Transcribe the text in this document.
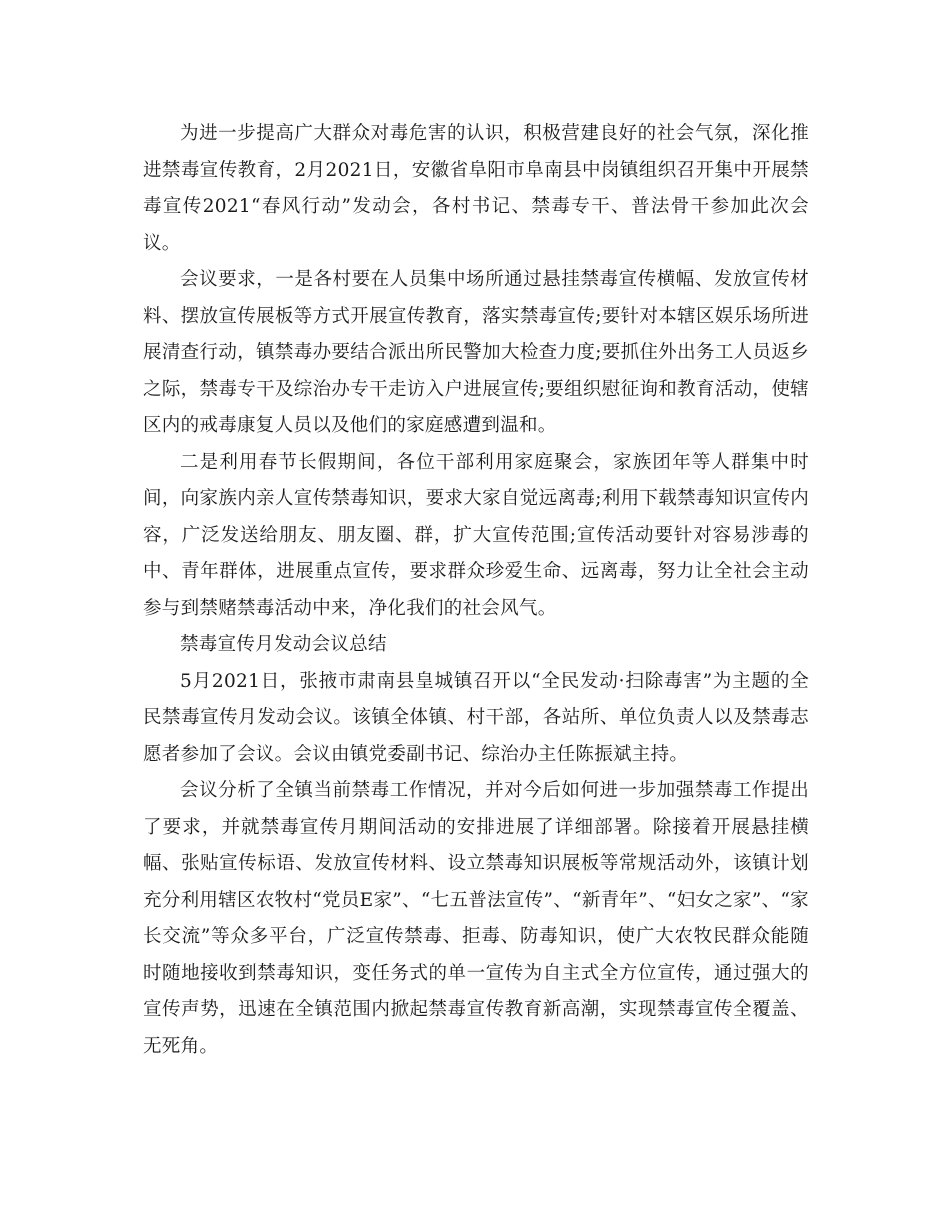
为进一步提高广大群众对毒危害的认识，积极营建良好的社会气氛，深化推进禁毒宣传教育，2月2021日，安徽省阜阳市阜南县中岗镇组织召开集中开展禁毒宣传2021“春风行动”发动会，各村书记、禁毒专干、普法骨干参加此次会议。

会议要求，一是各村要在人员集中场所通过悬挂禁毒宣传横幅、发放宣传材料、摆放宣传展板等方式开展宣传教育，落实禁毒宣传;要针对本辖区娱乐场所进展清查行动，镇禁毒办要结合派出所民警加大检查力度;要抓住外出务工人员返乡之际，禁毒专干及综治办专干走访入户进展宣传;要组织慰征询和教育活动，使辖区内的戒毒康复人员以及他们的家庭感遭到温和。

二是利用春节长假期间，各位干部利用家庭聚会，家族团年等人群集中时间，向家族内亲人宣传禁毒知识，要求大家自觉远离毒;利用下载禁毒知识宣传内容，广泛发送给朋友、朋友圈、群，扩大宣传范围;宣传活动要针对容易涉毒的中、青年群体，进展重点宣传，要求群众珍爱生命、远离毒，努力让全社会主动参与到禁赌禁毒活动中来，净化我们的社会风气。

禁毒宣传月发动会议总结

5月2021日，张掖市肃南县皇城镇召开以“全民发动·扫除毒害”为主题的全民禁毒宣传月发动会议。该镇全体镇、村干部，各站所、单位负责人以及禁毒志愿者参加了会议。会议由镇党委副书记、综治办主任陈振斌主持。

会议分析了全镇当前禁毒工作情况，并对今后如何进一步加强禁毒工作提出了要求，并就禁毒宣传月期间活动的安排进展了详细部署。除接着开展悬挂横幅、张贴宣传标语、发放宣传材料、设立禁毒知识展板等常规活动外，该镇计划充分利用辖区农牧村“党员E家”、“七五普法宣传”、“新青年”、“妇女之家”、“家长交流”等众多平台，广泛宣传禁毒、拒毒、防毒知识，使广大农牧民群众能随时随地接收到禁毒知识，变任务式的单一宣传为自主式全方位宣传，通过强大的宣传声势，迅速在全镇范围内掀起禁毒宣传教育新高潮，实现禁毒宣传全覆盖、无死角。
